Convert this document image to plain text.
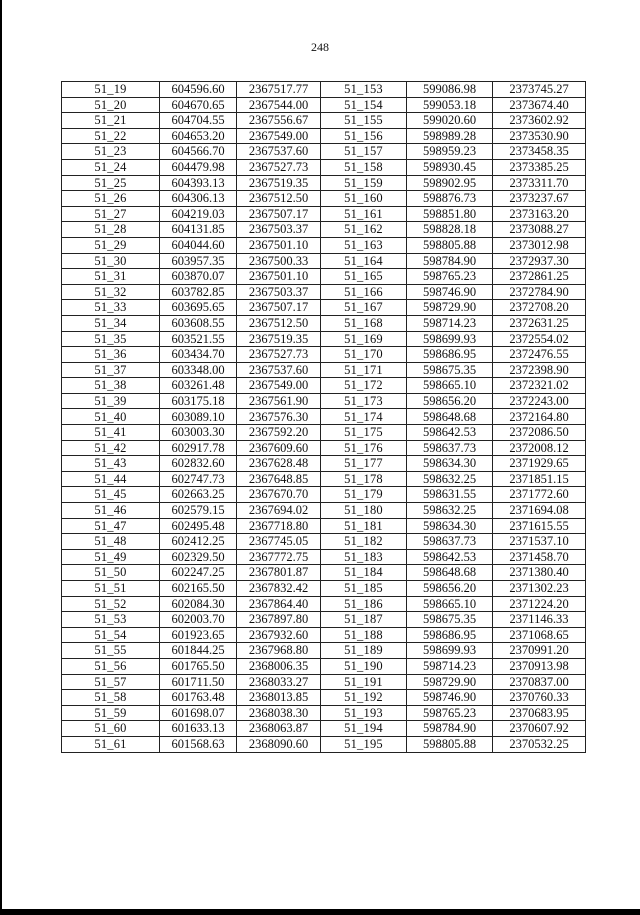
248
51_19	604596.60	2367517.77	51_153	599086.98	2373745.27
51_20	604670.65	2367544.00	51_154	599053.18	2373674.40
51_21	604704.55	2367556.67	51_155	599020.60	2373602.92
51_22	604653.20	2367549.00	51_156	598989.28	2373530.90
51_23	604566.70	2367537.60	51_157	598959.23	2373458.35
51_24	604479.98	2367527.73	51_158	598930.45	2373385.25
51_25	604393.13	2367519.35	51_159	598902.95	2373311.70
51_26	604306.13	2367512.50	51_160	598876.73	2373237.67
51_27	604219.03	2367507.17	51_161	598851.80	2373163.20
51_28	604131.85	2367503.37	51_162	598828.18	2373088.27
51_29	604044.60	2367501.10	51_163	598805.88	2373012.98
51_30	603957.35	2367500.33	51_164	598784.90	2372937.30
51_31	603870.07	2367501.10	51_165	598765.23	2372861.25
51_32	603782.85	2367503.37	51_166	598746.90	2372784.90
51_33	603695.65	2367507.17	51_167	598729.90	2372708.20
51_34	603608.55	2367512.50	51_168	598714.23	2372631.25
51_35	603521.55	2367519.35	51_169	598699.93	2372554.02
51_36	603434.70	2367527.73	51_170	598686.95	2372476.55
51_37	603348.00	2367537.60	51_171	598675.35	2372398.90
51_38	603261.48	2367549.00	51_172	598665.10	2372321.02
51_39	603175.18	2367561.90	51_173	598656.20	2372243.00
51_40	603089.10	2367576.30	51_174	598648.68	2372164.80
51_41	603003.30	2367592.20	51_175	598642.53	2372086.50
51_42	602917.78	2367609.60	51_176	598637.73	2372008.12
51_43	602832.60	2367628.48	51_177	598634.30	2371929.65
51_44	602747.73	2367648.85	51_178	598632.25	2371851.15
51_45	602663.25	2367670.70	51_179	598631.55	2371772.60
51_46	602579.15	2367694.02	51_180	598632.25	2371694.08
51_47	602495.48	2367718.80	51_181	598634.30	2371615.55
51_48	602412.25	2367745.05	51_182	598637.73	2371537.10
51_49	602329.50	2367772.75	51_183	598642.53	2371458.70
51_50	602247.25	2367801.87	51_184	598648.68	2371380.40
51_51	602165.50	2367832.42	51_185	598656.20	2371302.23
51_52	602084.30	2367864.40	51_186	598665.10	2371224.20
51_53	602003.70	2367897.80	51_187	598675.35	2371146.33
51_54	601923.65	2367932.60	51_188	598686.95	2371068.65
51_55	601844.25	2367968.80	51_189	598699.93	2370991.20
51_56	601765.50	2368006.35	51_190	598714.23	2370913.98
51_57	601711.50	2368033.27	51_191	598729.90	2370837.00
51_58	601763.48	2368013.85	51_192	598746.90	2370760.33
51_59	601698.07	2368038.30	51_193	598765.23	2370683.95
51_60	601633.13	2368063.87	51_194	598784.90	2370607.92
51_61	601568.63	2368090.60	51_195	598805.88	2370532.25
